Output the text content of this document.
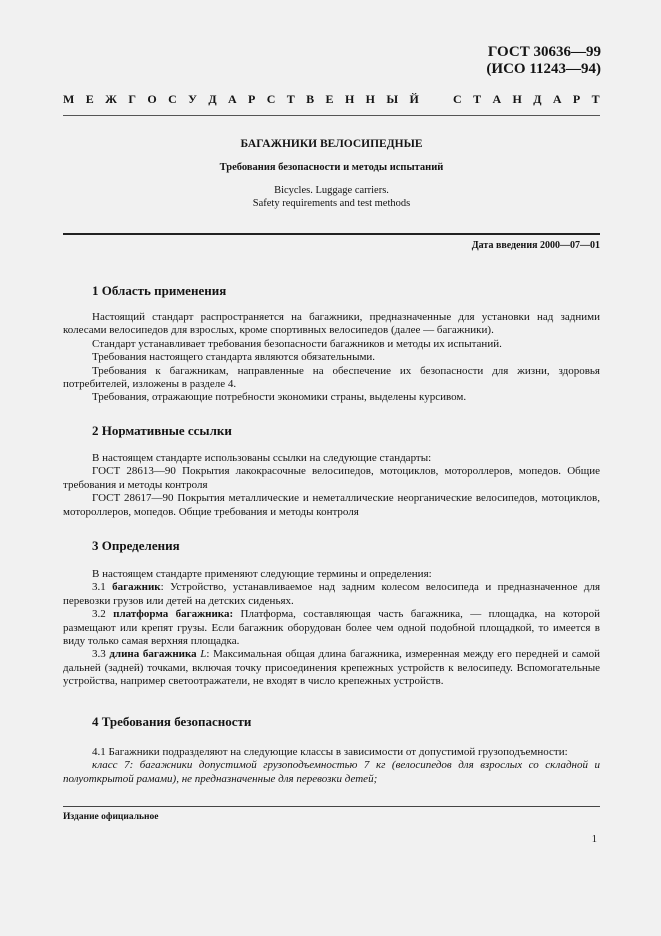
ГОСТ 30636—99
(ИСО 11243—94)
М Е Ж Г О С У Д А Р С Т В Е Н Н Ы Й	С Т А Н Д А Р Т
БАГАЖНИКИ ВЕЛОСИПЕДНЫЕ
Требования безопасности и методы испытаний
Bicycles. Luggage carriers.
Safety requirements and test methods
Дата введения 2000—07—01
1 Область применения

Настоящий стандарт распространяется на багажники, предназначенные для установки над задними колесами велосипедов для взрослых, кроме спортивных велосипедов (далее — багажники).

Стандарт устанавливает требования безопасности багажников и методы их испытаний.

Требования настоящего стандарта являются обязательными.

Требования к багажникам, направленные на обеспечение их безопасности для жизни, здоровья потребителей, изложены в разделе 4.

Требования, отражающие потребности экономики страны, выделены курсивом.

2 Нормативные ссылки

В настоящем стандарте использованы ссылки на следующие стандарты:

ГОСТ 28613—90 Покрытия лакокрасочные велосипедов, мотоциклов, мотороллеров, мопедов. Общие требования и методы контроля

ГОСТ 28617—90 Покрытия металлические и неметаллические неорганические велосипедов, мотоциклов, мотороллеров, мопедов. Общие требования и методы контроля

3 Определения

В настоящем стандарте применяют следующие термины и определения:

3.1 багажник: Устройство, устанавливаемое над задним колесом велосипеда и предназначенное для перевозки грузов или детей на детских сиденьях.

3.2 платформа багажника: Платформа, составляющая часть багажника, — площадка, на которой размещают или крепят грузы. Если багажник оборудован более чем одной подобной площадкой, то имеется в виду только самая верхняя площадка.

3.3 длина багажника L: Максимальная общая длина багажника, измеренная между его передней и самой дальней (задней) точками, включая точку присоединения крепежных устройств к велосипеду. Вспомогательные устройства, например светоотражатели, не входят в число крепежных устройств.

4 Требования безопасности

4.1 Багажники подразделяют на следующие классы в зависимости от допустимой грузоподъемности:

класс 7: багажники допустимой грузоподъемностью 7 кг (велосипедов для взрослых со складной и полуоткрытой рамами), не предназначенные для перевозки детей;

Издание официальное
1
